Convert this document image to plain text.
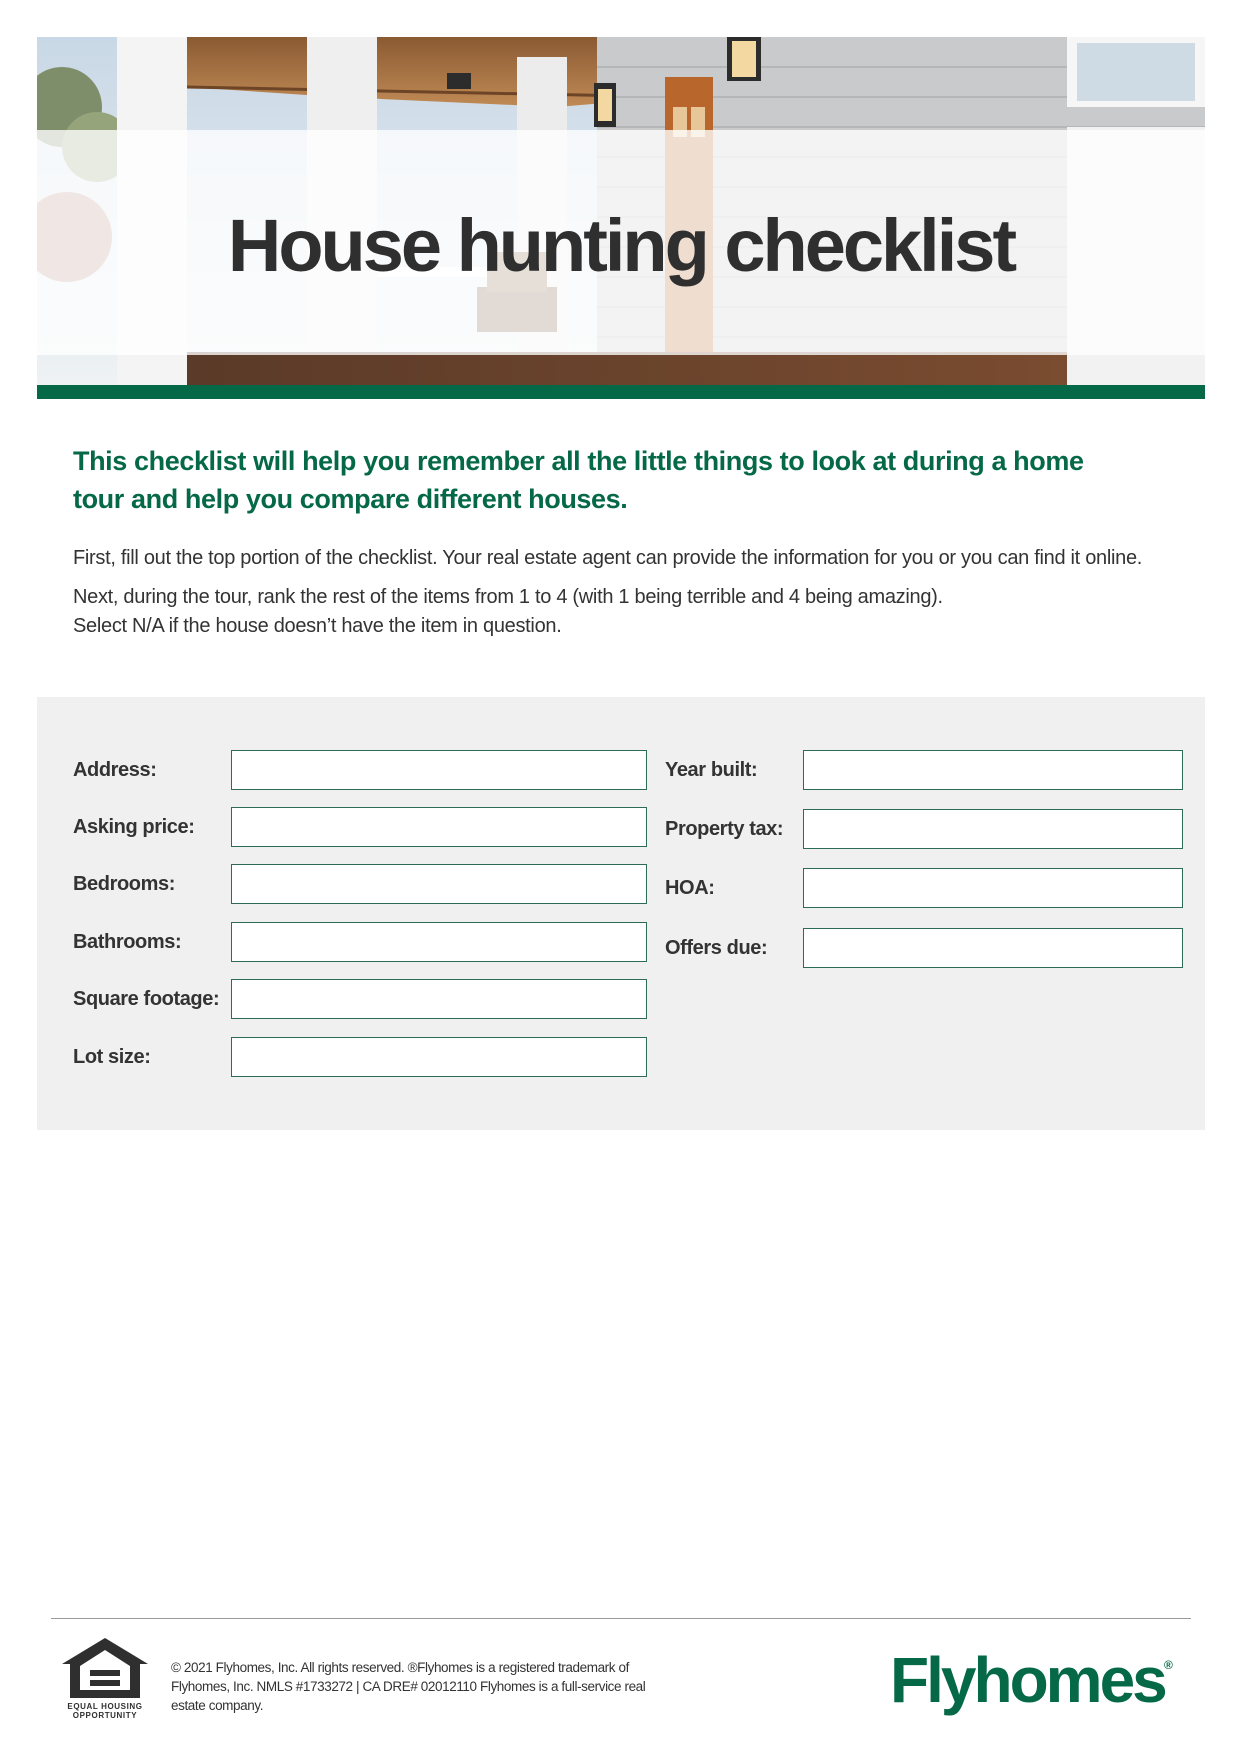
House hunting checklist

This checklist will help you remember all the little things to look at during a home tour and help you compare different houses.

First, fill out the top portion of the checklist. Your real estate agent can provide the information for you or you can find it online.

Next, during the tour, rank the rest of the items from 1 to 4 (with 1 being terrible and 4 being amazing).
Select N/A if the house doesn’t have the item in question.

Address:
Asking price:
Bedrooms:
Bathrooms:
Square footage:
Lot size:
Year built:
Property tax:
HOA:
Offers due:
EQUAL HOUSING
OPPORTUNITY
© 2021 Flyhomes, Inc. All rights reserved. ®Flyhomes is a registered trademark of
Flyhomes, Inc. NMLS #1733272 | CA DRE# 02012110 Flyhomes is a full-service real
estate company.	Flyhomes ®
